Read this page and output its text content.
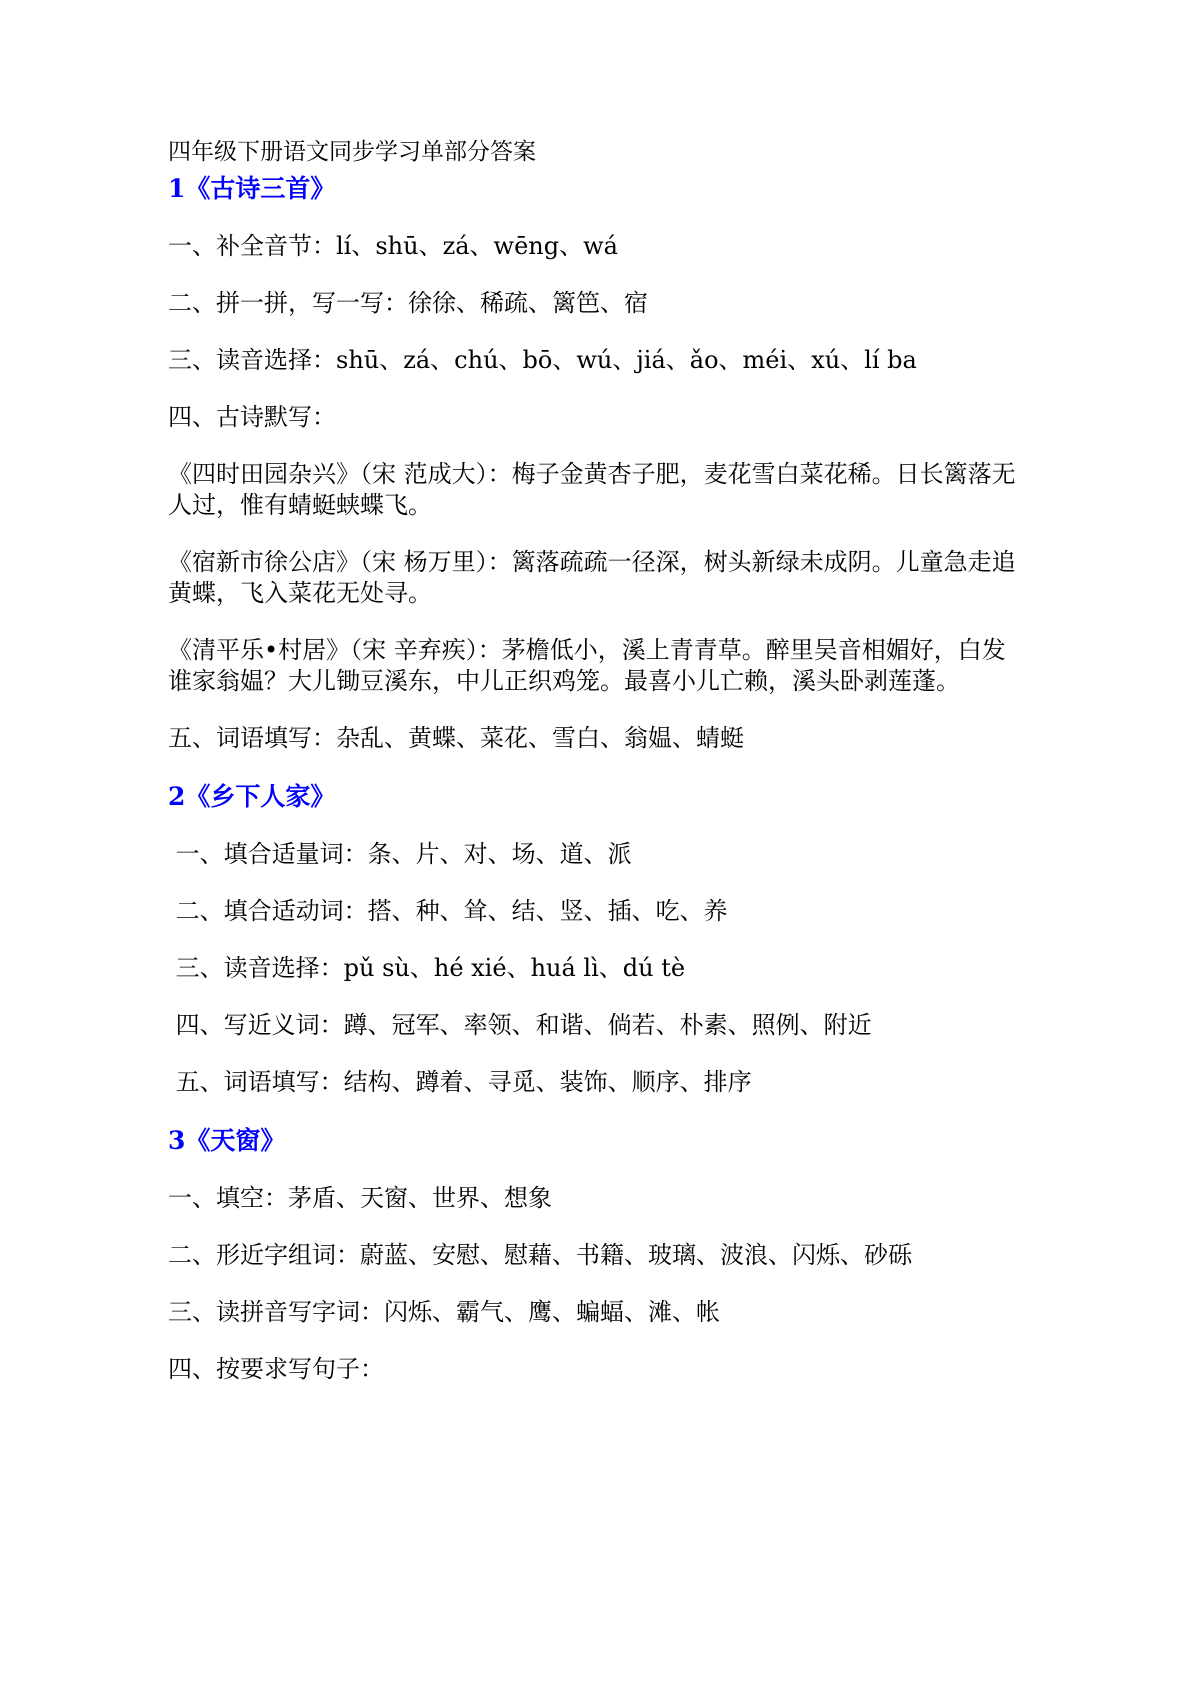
四年级下册语文同步学习单部分答案

1《古诗三首》

一、补全音节：lí、shū、zá、wēng、wá

二、拼一拼，写一写：徐徐、稀疏、篱笆、宿

三、读音选择：shū、zá、chú、bō、wú、jiá、ǎo、méi、xú、lí ba

四、古诗默写：

《四时田园杂兴》（宋 范成大）：梅子金黄杏子肥，麦花雪白菜花稀。日长篱落无人过，惟有蜻蜓蛱蝶飞。

《宿新市徐公店》（宋 杨万里）：篱落疏疏一径深，树头新绿未成阴。儿童急走追黄蝶，飞入菜花无处寻。

《清平乐•村居》（宋 辛弃疾）：茅檐低小，溪上青青草。醉里吴音相媚好，白发谁家翁媪？大儿锄豆溪东，中儿正织鸡笼。最喜小儿亡赖，溪头卧剥莲蓬。

五、词语填写：杂乱、黄蝶、菜花、雪白、翁媪、蜻蜓

2《乡下人家》

一、填合适量词：条、片、对、场、道、派

二、填合适动词：搭、种、耸、结、竖、插、吃、养

三、读音选择：pǔ sù、hé xié、huá lì、dú tè

四、写近义词：蹲、冠军、率领、和谐、倘若、朴素、照例、附近

五、词语填写：结构、蹲着、寻觅、装饰、顺序、排序

3《天窗》

一、填空：茅盾、天窗、世界、想象

二、形近字组词：蔚蓝、安慰、慰藉、书籍、玻璃、波浪、闪烁、砂砾

三、读拼音写字词：闪烁、霸气、鹰、蝙蝠、滩、帐

四、按要求写句子：
